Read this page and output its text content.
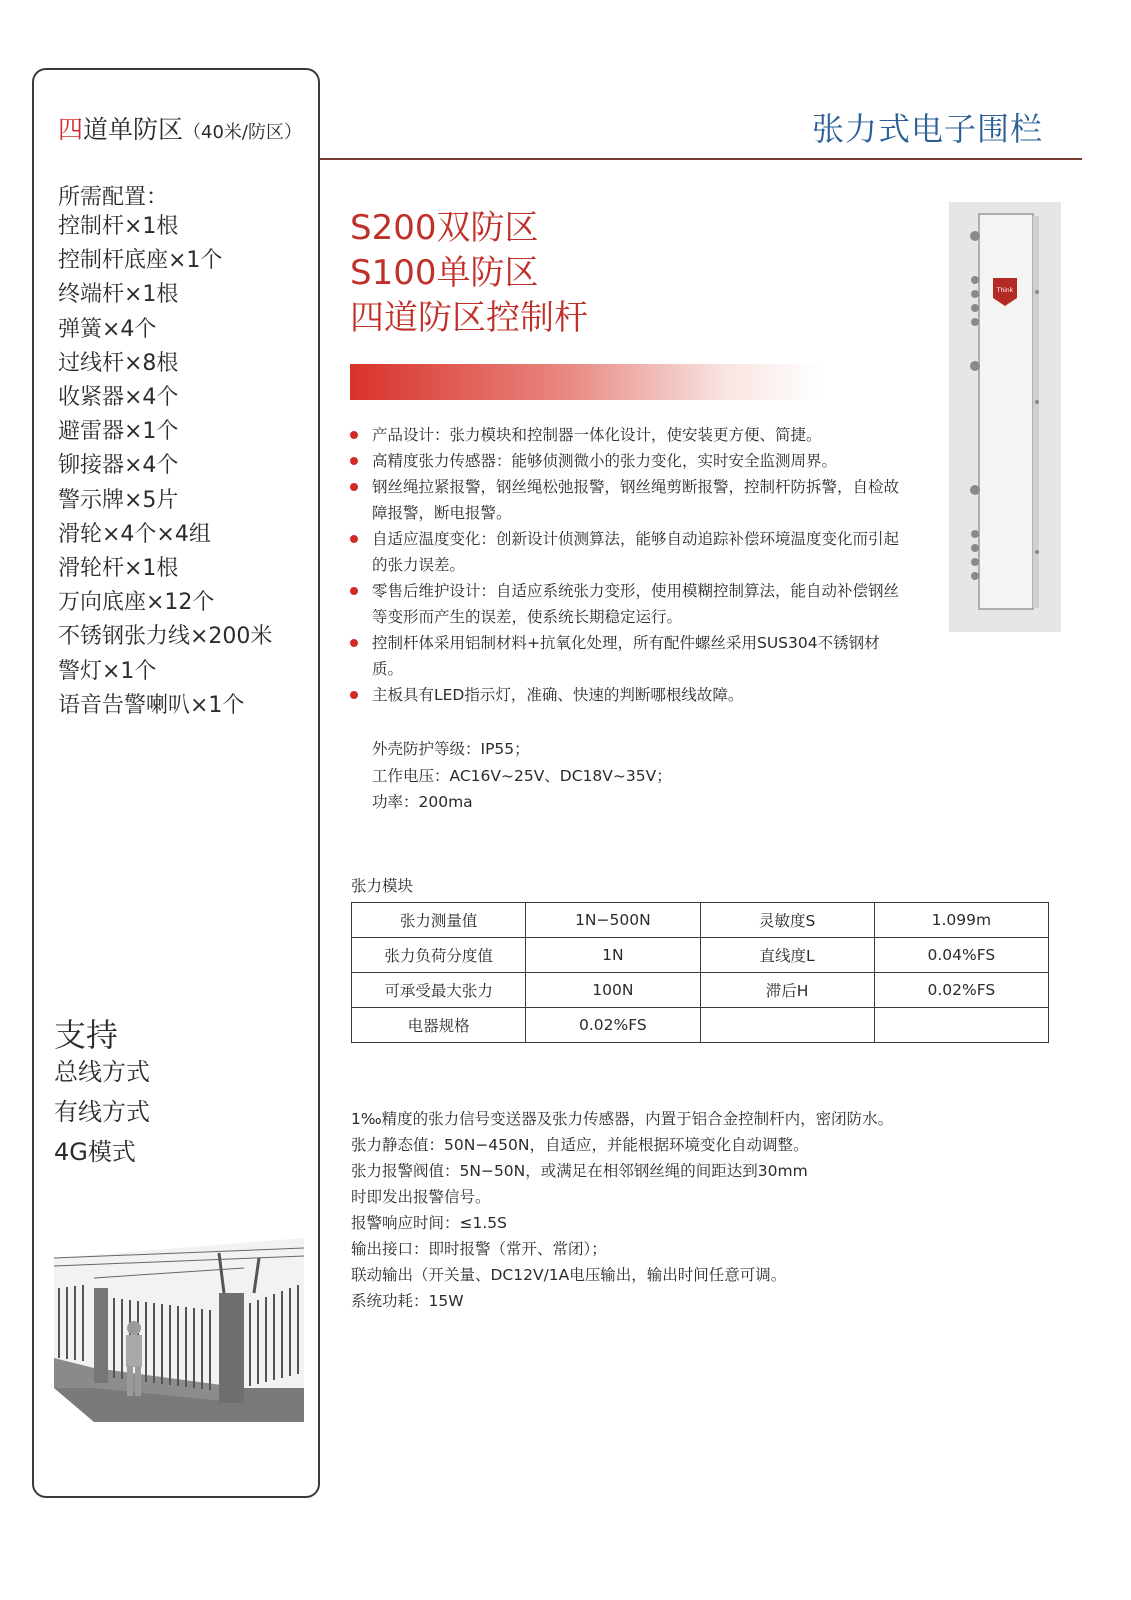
四道单防区（40米/防区）
所需配置：
控制杆×1根
控制杆底座×1个
终端杆×1根
弹簧×4个
过线杆×8根
收紧器×4个
避雷器×1个
铆接器×4个
警示牌×5片
滑轮×4个×4组
滑轮杆×1根
万向底座×12个
不锈钢张力线×200米
警灯×1个
语音告警喇叭×1个
支持
总线方式
有线方式
4G模式
张力式电子围栏
S200双防区
S100单防区
四道防区控制杆
Think
产品设计：张力模块和控制器一体化设计，使安装更方便、简捷。
高精度张力传感器：能够侦测微小的张力变化，实时安全监测周界。
钢丝绳拉紧报警，钢丝绳松弛报警，钢丝绳剪断报警，控制杆防拆警，自检故障报警，断电报警。
自适应温度变化：创新设计侦测算法，能够自动追踪补偿环境温度变化而引起的张力误差。
零售后维护设计：自适应系统张力变形，使用模糊控制算法，能自动补偿钢丝等变形而产生的误差，使系统长期稳定运行。
控制杆体采用铝制材料+抗氧化处理，所有配件螺丝采用SUS304不锈钢材质。
主板具有LED指示灯，准确、快速的判断哪根线故障。
外壳防护等级：IP55；
工作电压：AC16V~25V、DC18V~35V；
功率：200ma
张力模块
张力测量值	1N−500N	灵敏度S	1.099m
张力负荷分度值	1N	直线度L	0.04%FS
可承受最大张力	100N	滞后H	0.02%FS
电器规格	0.02%FS		
1‰精度的张力信号变送器及张力传感器，内置于铝合金控制杆内，密闭防水。
张力静态值：50N−450N，自适应，并能根据环境变化自动调整。
张力报警阀值：5N−50N，或满足在相邻钢丝绳的间距达到30mm
时即发出报警信号。
报警响应时间：≤1.5S
输出接口：即时报警（常开、常闭）；
联动输出（开关量、DC12V/1A电压输出，输出时间任意可调。
系统功耗：15W
